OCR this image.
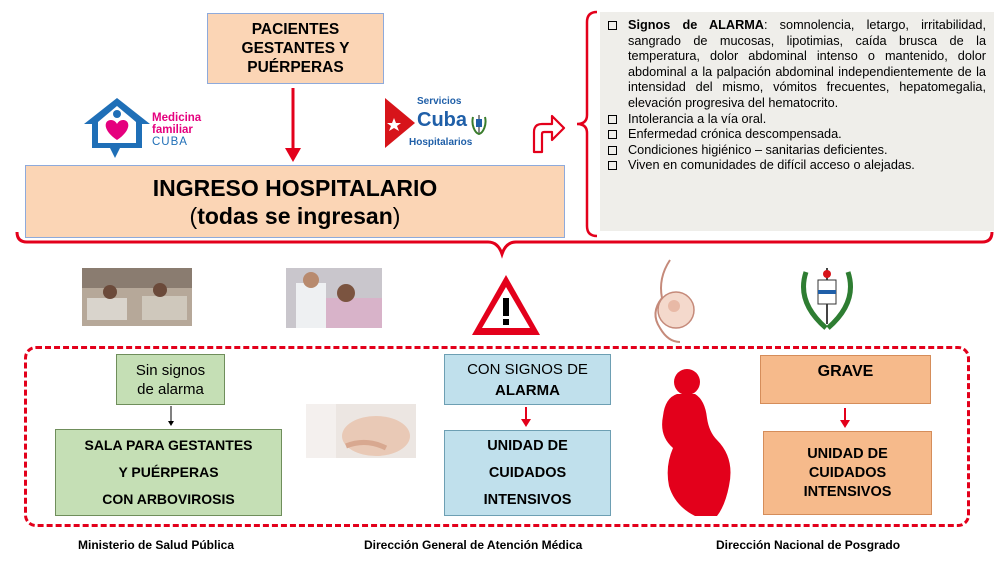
PACIENTES
GESTANTES Y
PUÉRPERAS
Medicina
familiar
CUBA
Servicios
Cuba
Hospitalarios
INGRESO HOSPITALARIO
(todas se ingresan)
Signos de ALARMA: somnolencia, letargo, irritabilidad, sangrado de mucosas, lipotimias, caída brusca de la temperatura, dolor abdominal intenso o mantenido, dolor abdominal a la palpación abdominal independientemente de la intensidad del mismo, vómitos frecuentes, hepatomegalia, elevación progresiva del hematocrito.
Intolerancia a la vía oral.
Enfermedad crónica descompensada.
Condiciones higiénico – sanitarias deficientes.
Viven en comunidades de difícil acceso o alejadas.
Sin signos
de alarma
SALA PARA GESTANTES
Y PUÉRPERAS
CON ARBOVIROSIS
CON SIGNOS DE
ALARMA
UNIDAD DE
CUIDADOS
INTENSIVOS
GRAVE
UNIDAD DE
CUIDADOS
INTENSIVOS
Ministerio de Salud Pública	Dirección General de Atención Médica	Dirección Nacional de Posgrado
